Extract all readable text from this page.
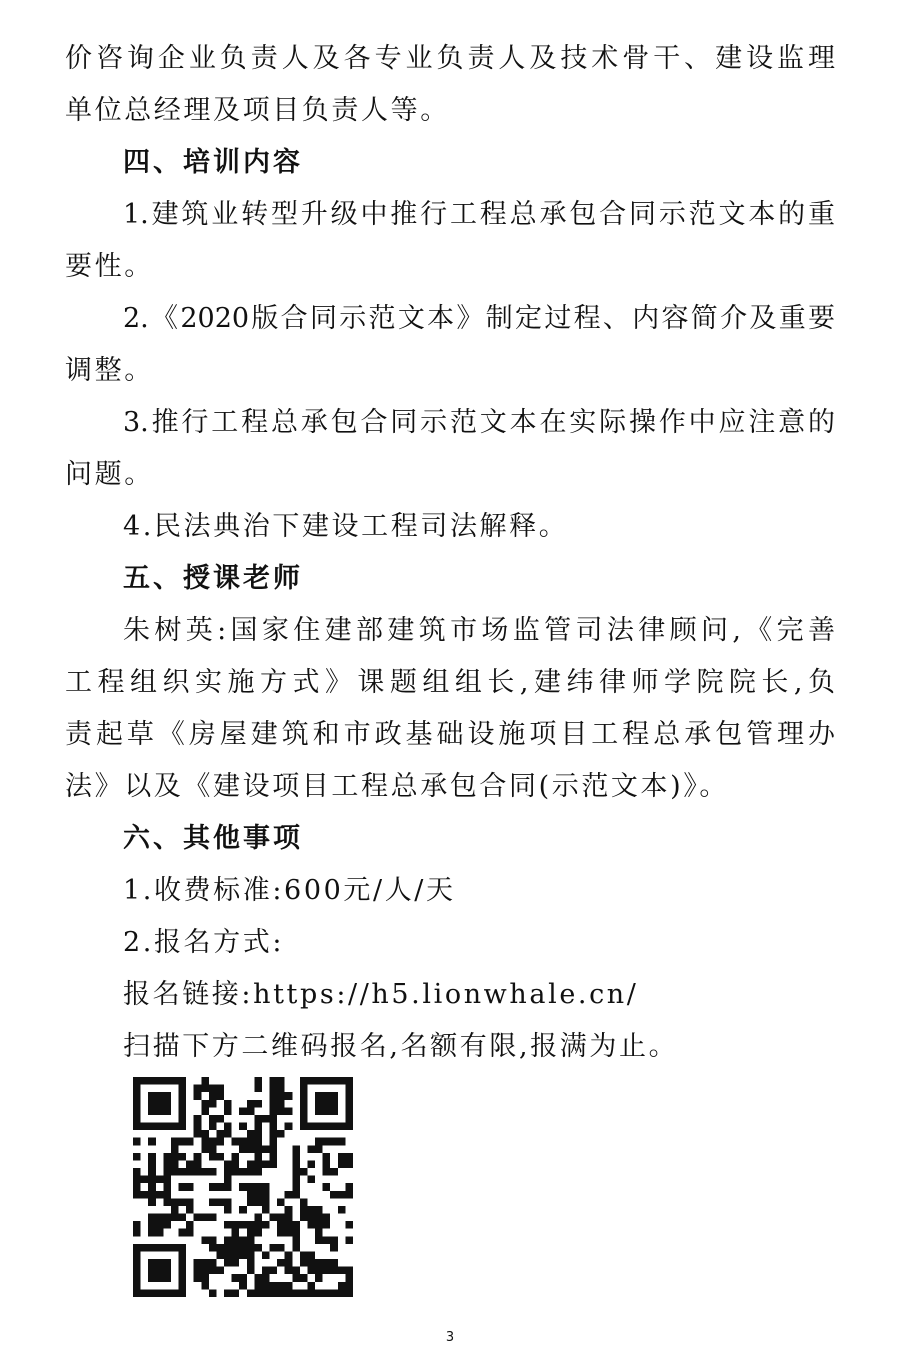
价咨询企业负责人及各专业负责人及技术骨干、建设监理
单位总经理及项目负责人等。
四、培训内容
1.建筑业转型升级中推行工程总承包合同示范文本的重
要性。
2.《2020版合同示范文本》制定过程、内容简介及重要
调整。
3.推行工程总承包合同示范文本在实际操作中应注意的
问题。
4.民法典治下建设工程司法解释。
五、授课老师
朱树英:国家住建部建筑市场监管司法律顾问,《完善
工程组织实施方式》课题组组长,建纬律师学院院长,负
责起草《房屋建筑和市政基础设施项目工程总承包管理办
法》以及《建设项目工程总承包合同(示范文本)》。
六、其他事项
1.收费标准:600元/人/天
2.报名方式:
报名链接:https://h5.lionwhale.cn/
扫描下方二维码报名,名额有限,报满为止。
3
